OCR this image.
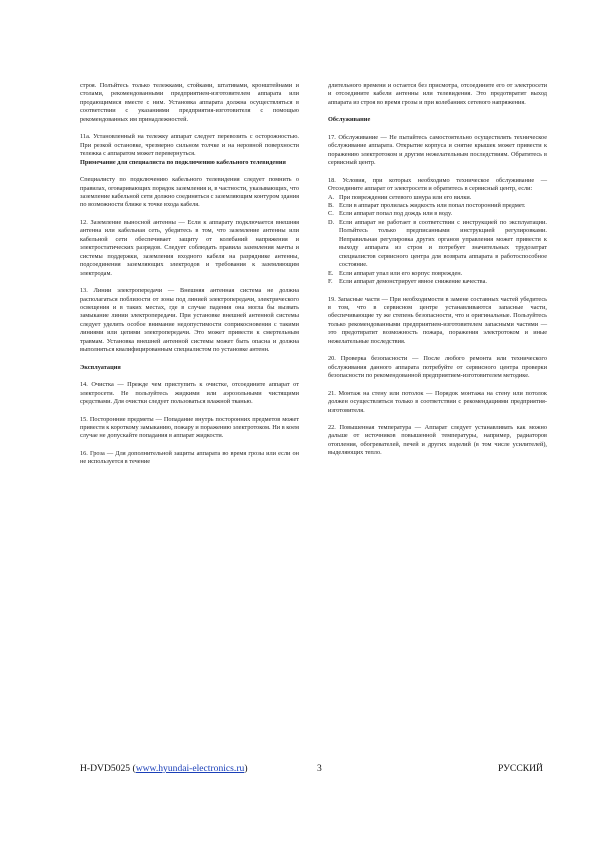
строя. Полъйтесь только тележками, стойками, штативами, кронштейнами и столами, рекомендованными предприятием-изготовителем аппарата или продающимися вместе с ним. Установка аппарата должна осуществляться в соответствии с указаниями предприятия-изготовителя с помощью рекомендованных им принадлежностей.

11а. Установленный на тележку аппарат следует перевозить с осторожностью. При резкой остановке, чрезмерно сильном толчке и на неровной поверхности тележка с аппаратом может перевернуться.

Примечание для специалиста по подключению кабельного телевидения

Специалисту по подключению кабельного телевидения следует помнить о правилах, оговаривающих порядок заземления и, в частности, указывающих, что заземление кабельной сети должно соединяться с заземляющим контуром здания по возможности ближе к точке входа кабеля.

12. Заземление выносной антенны — Если к аппарату подключается внешняя антенна или кабельная сеть, убедитесь в том, что заземление антенны или кабельной сети обеспечивает защиту от колебаний напряжения и электростатических разрядов. Следует соблюдать правила заземления мачты и системы поддержки, заземления входного кабеля на разряднике антенны, подсоединения заземляющих электродов и требования к заземляющим электродам.

13. Линии электропередачи — Внешняя антенная система не должна располагаться поблизости от зоны под линией электропередачи, электрического освещения и в таких местах, где в случае падения она могла бы вызвать замыкание линии электропередачи. При установке внешней антенной системы следует уделить особое внимание недопустимости соприкосновения с такими линиями или цепями электропередачи. Это может привести к смертельным травмам. Установка внешней антенной системы может быть опасна и должна выполняться квалифицированным специалистом по установке антенн.

Эксплуатация

14. Очистка — Прежде чем приступить к очистке, отсоедините аппарат от электросети. Не пользуйтесь жидкими или аэрозольными чистящими средствами. Для очистки следует пользоваться влажной тканью.

15. Посторонние предметы — Попадание внутрь посторонних предметов может привести к короткому замыканию, пожару и поражению электротоком. Ни в коем случае не допускайте попадания в аппарат жидкости.

16. Гроза — Для дополнительной защиты аппарата во время грозы или если он не используется в течение

длительного времени и остается без присмотра, отсоедините его от электросети и отсоедините кабели антенны или телевидения. Это предотвратит выход аппарата из строя во время грозы и при колебаниях сетевого напряжения.

Обслуживание

17. Обслуживание — Не пытайтесь самостоятельно осуществлять техническое обслуживание аппарата. Открытие корпуса и снятие крышек может привести к поражению электротоком и другим нежелательным последствиям. Обратитесь в сервисный центр.

18. Условия, при которых необходимо техническое обслуживание — Отсоедините аппарат от электросети и обратитесь в сервисный центр, если:

A. При повреждении сетевого шнура или его вилки.
B. Если в аппарат пролилась жидкость или попал посторонний предмет.
C. Если аппарат попал под дождь или в воду.
D. Если аппарат не работает в соответствии с инструкцией по эксплуатации. Полъйтесь только предписанными инструкцией регулировками. Неправильная регулировка других органов управления может привести к выходу аппарата из строя и потребует значительных трудозатрат специалистов сервисного центра для возврата аппарата в работоспособное состояние.
E. Если аппарат упал или его корпус поврежден.
F.	Если аппарат демонстрирует явное снижение качества.

19. Запасные части — При необходимости в замене составных частей убедитесь в том, что в сервисном центре устанавливаются запасные части, обеспечивающие ту же степень безопасности, что и оригинальные. Пользуйтесь только рекомендованными предприятием-изготовителем запасными частями — это предотвратит возможность пожара, поражения электротоком и иные нежелательные последствия.

20. Проверка безопасности — После любого ремонта или технического обслуживания данного аппарата потребуйте от сервисного центра проверки безопасности по рекомендованной предприятием-изготовителем методике.

21. Монтаж на стену или потолок — Порядок монтажа на стену или потолок должен осуществляться только в соответствии с рекомендациями предприятия-изготовителя.

22. Повышенная температура — Аппарат следует устанавливать как можно дальше от источников повышенной температуры, например, радиаторов отопления, обогревателей, печей и других изделий (в том числе усилителей), выделяющих тепло.

H-DVD5025 (www.hyundai-electronics.ru)	3	РУССКИЙ
